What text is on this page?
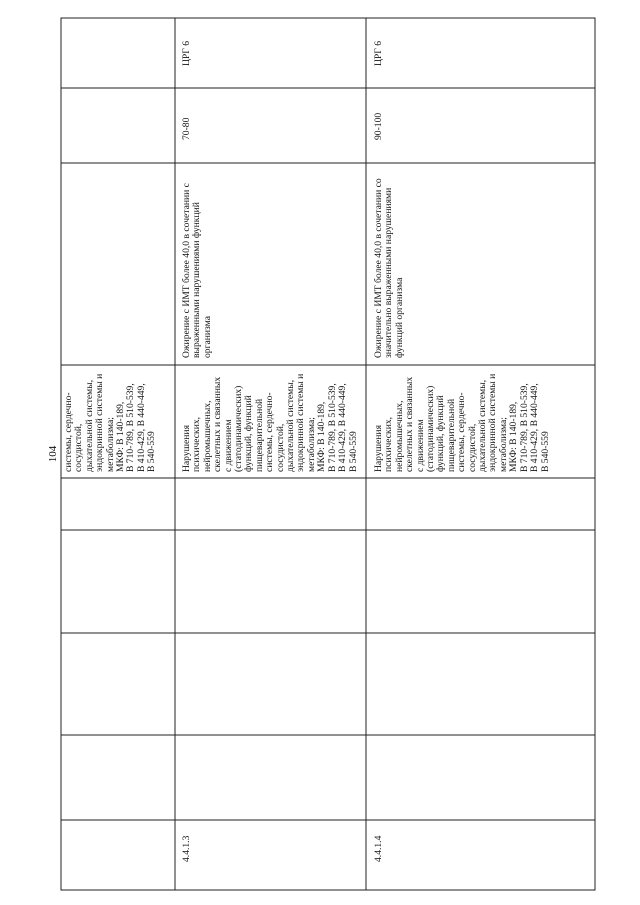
104 системы, сердечно-
сосудистой,
дыхательной системы,
эндокринной системы и
метаболизма;
МКФ: В 140-189,
В 710-789, В 510-539,
В 410-429, В 440-449,
В 540-559
4.4.1.3
Нарушения
психических,
нейромышечных,
скелетных и связанных
с движением
(статодинамических)
функций, функций
пищеварительной
системы, сердечно-
сосудистой,
дыхательной системы,
эндокринной системы и
метаболизма;
МКФ: В 140-189,
В 710-789, В 510-539,
В 410-429, В 440-449,
В 540-559
Ожирение с ИМТ более 40,0 в сочетании с
выраженными нарушениями функций
организма
70-80
ЦРГ 6
4.4.1.4
Нарушения
психических,
нейромышечных,
скелетных и связанных
с движением
(статодинамических)
функций, функций
пищеварительной
системы, сердечно-
сосудистой,
дыхательной системы,
эндокринной системы и
метаболизма;
МКФ: В 140-189,
В 710-789, В 510-539,
В 410-429, В 440-449,
В 540-559
Ожирение с ИМТ более 40,0 в сочетании со
значительно выраженными нарушениями
функций организма
90-100
ЦРГ 6
